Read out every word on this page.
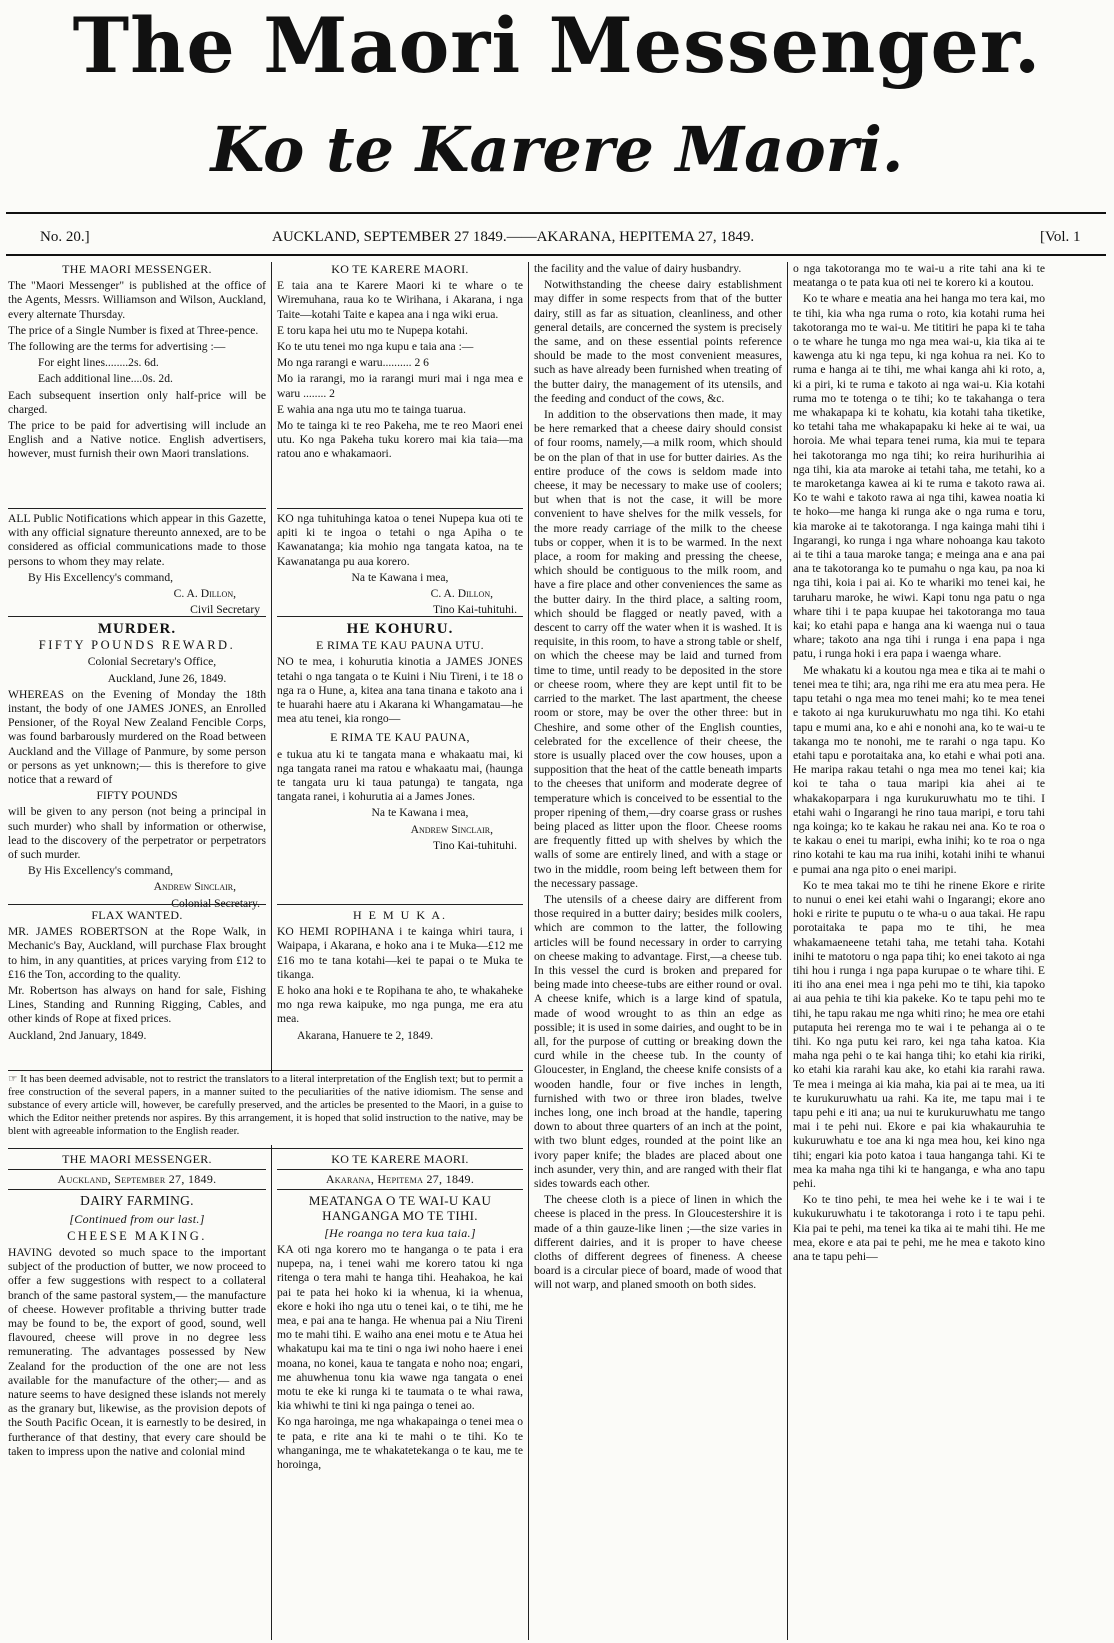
The Maori Messenger.
Ko te Karere Maori.
No. 20.]	AUCKLAND, SEPTEMBER 27 1849.——AKARANA, HEPITEMA 27, 1849.	[Vol. 1
THE MAORI MESSENGER.

The "Maori Messenger" is published at the office of the Agents, Messrs. Williamson and Wilson, Auckland, every alternate Thursday.

The price of a Single Number is fixed at Three-pence.

The following are the terms for advertising :—

For eight lines........2s. 6d.

Each additional line....0s. 2d.

Each subsequent insertion only half-price will be charged.

The price to be paid for advertising will include an English and a Native notice. English advertisers, however, must furnish their own Maori translations.

ALL Public Notifications which appear in this Gazette, with any official signature thereunto annexed, are to be considered as official communications made to those persons to whom they may relate.

By His Excellency's command,

C. A. Dillon,

Civil Secretary

MURDER.
FIFTY POUNDS REWARD.

Colonial Secretary's Office,

Auckland, June 26, 1849.

WHEREAS on the Evening of Monday the 18th instant, the body of one JAMES JONES, an Enrolled Pensioner, of the Royal New Zealand Fencible Corps, was found barbarously murdered on the Road between Auckland and the Village of Panmure, by some person or persons as yet unknown;— this is therefore to give notice that a reward of

FIFTY POUNDS

will be given to any person (not being a principal in such murder) who shall by information or otherwise, lead to the discovery of the perpetrator or perpetrators of such murder.

By His Excellency's command,

Andrew Sinclair,

Colonial Secretary.

FLAX WANTED.

MR. JAMES ROBERTSON at the Rope Walk, in Mechanic's Bay, Auckland, will purchase Flax brought to him, in any quantities, at prices varying from £12 to £16 the Ton, according to the quality.

Mr. Robertson has always on hand for sale, Fishing Lines, Standing and Running Rigging, Cables, and other kinds of Rope at fixed prices.

Auckland, 2nd January, 1849.

KO TE KARERE MAORI.

E taia ana te Karere Maori ki te whare o te Wiremuhana, raua ko te Wirihana, i Akarana, i nga Taite—kotahi Taite e kapea ana i nga wiki erua.

E toru kapa hei utu mo te Nupepa kotahi.

Ko te utu tenei mo nga kupu e taia ana :—

Mo nga rarangi e waru.......... 2 6

Mo ia rarangi, mo ia rarangi muri mai i nga mea e waru ........ 2

E wahia ana nga utu mo te tainga tuarua.

Mo te tainga ki te reo Pakeha, me te reo Maori enei utu. Ko nga Pakeha tuku korero mai kia taia—ma ratou ano e whakamaori.

KO nga tuhituhinga katoa o tenei Nupepa kua oti te apiti ki te ingoa o tetahi o nga Apiha o te Kawanatanga; kia mohio nga tangata katoa, na te Kawanatanga pu aua korero.

Na te Kawana i mea,

C. A. Dillon,

Tino Kai-tuhituhi.

HE KOHURU.
E RIMA TE KAU PAUNA UTU.

NO te mea, i kohurutia kinotia a JAMES JONES tetahi o nga tangata o te Kuini i Niu Tireni, i te 18 o nga ra o Hune, a, kitea ana tana tinana e takoto ana i te huarahi haere atu i Akarana ki Whangamatau—he mea atu tenei, kia rongo—

E RIMA TE KAU PAUNA,

e tukua atu ki te tangata mana e whakaatu mai, ki nga tangata ranei ma ratou e whakaatu mai, (haunga te tangata uru ki taua patunga) te tangata, nga tangata ranei, i kohurutia ai a James Jones.

Na te Kawana i mea,

Andrew Sinclair,

Tino Kai-tuhituhi.

H E M U K A.

KO HEMI ROPIHANA i te kainga whiri taura, i Waipapa, i Akarana, e hoko ana i te Muka—£12 me £16 mo te tana kotahi—kei te papai o te Muka te tikanga.

E hoko ana hoki e te Ropihana te aho, te whakaheke mo nga rewa kaipuke, mo nga punga, me era atu mea.

Akarana, Hanuere te 2, 1849.

☞ It has been deemed advisable, not to restrict the translators to a literal interpretation of the English text; but to permit a free construction of the several papers, in a manner suited to the peculiarities of the native idiomism. The sense and substance of every article will, however, be carefully preserved, and the articles be presented to the Maori, in a guise to which the Editor neither pretends nor aspires. By this arrangement, it is hoped that solid instruction to the native, may be blent with agreeable information to the English reader.

THE MAORI MESSENGER.
Auckland, September 27, 1849.
DAIRY FARMING.
[Continued from our last.]
CHEESE MAKING.

HAVING devoted so much space to the important subject of the production of butter, we now proceed to offer a few suggestions with respect to a collateral branch of the same pastoral system,— the manufacture of cheese. However profitable a thriving butter trade may be found to be, the export of good, sound, well flavoured, cheese will prove in no degree less remunerating. The advantages possessed by New Zealand for the production of the one are not less available for the manufacture of the other;— and as nature seems to have designed these islands not merely as the granary but, likewise, as the provision depots of the South Pacific Ocean, it is earnestly to be desired, in furtherance of that destiny, that every care should be taken to impress upon the native and colonial mind

KO TE KARERE MAORI.
Akarana, Hepitema 27, 1849.
MEATANGA O TE WAI-U KAU HANGANGA MO TE TIHI.
[He roanga no tera kua taia.]

KA oti nga korero mo te hanganga o te pata i era nupepa, na, i tenei wahi me korero tatou ki nga ritenga o tera mahi te hanga tihi. Heahakoa, he kai pai te pata hei hoko ki ia whenua, ki ia whenua, ekore e hoki iho nga utu o tenei kai, o te tihi, me he mea, e pai ana te hanga. He whenua pai a Niu Tireni mo te mahi tihi. E waiho ana enei motu e te Atua hei whakatupu kai ma te tini o nga iwi noho haere i enei moana, no konei, kaua te tangata e noho noa; engari, me ahuwhenua tonu kia wawe nga tangata o enei motu te eke ki runga ki te taumata o te whai rawa, kia whiwhi te tini ki nga painga o tenei ao.

Ko nga haroinga, me nga whakapainga o tenei mea o te pata, e rite ana ki te mahi o te tihi. Ko te whanganinga, me te whakatetekanga o te kau, me te horoinga,

the facility and the value of dairy husbandry.

Notwithstanding the cheese dairy establishment may differ in some respects from that of the butter dairy, still as far as situation, cleanliness, and other general details, are concerned the system is precisely the same, and on these essential points reference should be made to the most convenient measures, such as have already been furnished when treating of the butter dairy, the management of its utensils, and the feeding and conduct of the cows, &c.

In addition to the observations then made, it may be here remarked that a cheese dairy should consist of four rooms, namely,—a milk room, which should be on the plan of that in use for butter dairies. As the entire produce of the cows is seldom made into cheese, it may be necessary to make use of coolers; but when that is not the case, it will be more convenient to have shelves for the milk vessels, for the more ready carriage of the milk to the cheese tubs or copper, when it is to be warmed. In the next place, a room for making and pressing the cheese, which should be contiguous to the milk room, and have a fire place and other conveniences the same as the butter dairy. In the third place, a salting room, which should be flagged or neatly paved, with a descent to carry off the water when it is washed. It is requisite, in this room, to have a strong table or shelf, on which the cheese may be laid and turned from time to time, until ready to be deposited in the store or cheese room, where they are kept until fit to be carried to the market. The last apartment, the cheese room or store, may be over the other three: but in Cheshire, and some other of the English counties, celebrated for the excellence of their cheese, the store is usually placed over the cow houses, upon a supposition that the heat of the cattle beneath imparts to the cheeses that uniform and moderate degree of temperature which is conceived to be essential to the proper ripening of them,—dry coarse grass or rushes being placed as litter upon the floor. Cheese rooms are frequently fitted up with shelves by which the walls of some are entirely lined, and with a stage or two in the middle, room being left between them for the necessary passage.

The utensils of a cheese dairy are different from those required in a butter dairy; besides milk coolers, which are common to the latter, the following articles will be found necessary in order to carrying on cheese making to advantage. First,—a cheese tub. In this vessel the curd is broken and prepared for being made into cheese-tubs are either round or oval. A cheese knife, which is a large kind of spatula, made of wood wrought to as thin an edge as possible; it is used in some dairies, and ought to be in all, for the purpose of cutting or breaking down the curd while in the cheese tub. In the county of Gloucester, in England, the cheese knife consists of a wooden handle, four or five inches in length, furnished with two or three iron blades, twelve inches long, one inch broad at the handle, tapering down to about three quarters of an inch at the point, with two blunt edges, rounded at the point like an ivory paper knife; the blades are placed about one inch asunder, very thin, and are ranged with their flat sides towards each other.

The cheese cloth is a piece of linen in which the cheese is placed in the press. In Gloucestershire it is made of a thin gauze-like linen ;—the size varies in different dairies, and it is proper to have cheese cloths of different degrees of fineness. A cheese board is a circular piece of board, made of wood that will not warp, and planed smooth on both sides.

o nga takotoranga mo te wai-u a rite tahi ana ki te meatanga o te pata kua oti nei te korero ki a koutou.

Ko te whare e meatia ana hei hanga mo tera kai, mo te tihi, kia wha nga ruma o roto, kia kotahi ruma hei takotoranga mo te wai-u. Me tititiri he papa ki te taha o te whare he tunga mo nga mea wai-u, kia tika ai te kawenga atu ki nga tepu, ki nga kohua ra nei. Ko to ruma e hanga ai te tihi, me whai kanga ahi ki roto, a, ki a piri, ki te ruma e takoto ai nga wai-u. Kia kotahi ruma mo te totenga o te tihi; ko te takahanga o tera me whakapapa ki te kohatu, kia kotahi taha tiketike, ko tetahi taha me whakapapaku ki heke ai te wai, ua horoia. Me whai tepara tenei ruma, kia mui te tepara hei takotoranga mo nga tihi; ko reira hurihurihia ai nga tihi, kia ata maroke ai tetahi taha, me tetahi, ko a te maroketanga kawea ai ki te ruma e takoto rawa ai. Ko te wahi e takoto rawa ai nga tihi, kawea noatia ki te hoko—me hanga ki runga ake o nga ruma e toru, kia maroke ai te takotoranga. I nga kainga mahi tihi i Ingarangi, ko runga i nga whare nohoanga kau takoto ai te tihi a taua maroke tanga; e meinga ana e ana pai ana te takotoranga ko te pumahu o nga kau, pa noa ki nga tihi, koia i pai ai. Ko te whariki mo tenei kai, he taruharu maroke, he wiwi. Kapi tonu nga patu o nga whare tihi i te papa kuupae hei takotoranga mo taua kai; ko etahi papa e hanga ana ki waenga nui o taua whare; takoto ana nga tihi i runga i ena papa i nga patu, i runga hoki i era papa i waenga whare.

Me whakatu ki a koutou nga mea e tika ai te mahi o tenei mea te tihi; ara, nga rihi me era atu mea pera. He tapu tetahi o nga mea mo tenei mahi; ko te mea tenei e takoto ai nga kurukuruwhatu mo nga tihi. Ko etahi tapu e mumi ana, ko e ahi e nonohi ana, ko te wai-u te takanga mo te nonohi, me te rarahi o nga tapu. Ko etahi tapu e porotaitaka ana, ko etahi e whai poti ana. He maripa rakau tetahi o nga mea mo tenei kai; kia koi te taha o taua maripi kia ahei ai te whakakoparpara i nga kurukuruwhatu mo te tihi. I etahi wahi o Ingarangi he rino taua maripi, e toru tahi nga koinga; ko te kakau he rakau nei ana. Ko te roa o te kakau o enei tu maripi, ewha inihi; ko te roa o nga rino kotahi te kau ma rua inihi, kotahi inihi te whanui e pumai ana nga pito o enei maripi.

Ko te mea takai mo te tihi he rinene Ekore e ririte to nunui o enei kei etahi wahi o Ingarangi; ekore ano hoki e ririte te puputu o te wha-u o aua takai. He rapu porotaitaka te papa mo te tihi, he mea whakamaeneene tetahi taha, me tetahi taha. Kotahi inihi te matotoru o nga papa tihi; ko enei takoto ai nga tihi hou i runga i nga papa kurupae o te whare tihi. E iti iho ana enei mea i nga pehi mo te tihi, kia tapoko ai aua pehia te tihi kia pakeke. Ko te tapu pehi mo te tihi, he tapu rakau me nga whiti rino; he mea ore etahi putaputa hei rerenga mo te wai i te pehanga ai o te tihi. Ko nga putu kei raro, kei nga taha katoa. Kia maha nga pehi o te kai hanga tihi; ko etahi kia ririki, ko etahi kia rarahi kau ake, ko etahi kia rarahi rawa. Te mea i meinga ai kia maha, kia pai ai te mea, ua iti te kurukuruwhatu ua rahi. Ka ite, me tapu mai i te tapu pehi e iti ana; ua nui te kurukuruwhatu me tango mai i te pehi nui. Ekore e pai kia whakauruhia te kukuruwhatu e toe ana ki nga mea hou, kei kino nga tihi; engari kia poto katoa i taua hanganga tahi. Ki te mea ka maha nga tihi ki te hanganga, e wha ano tapu pehi.

Ko te tino pehi, te mea hei wehe ke i te wai i te kukukuruwhatu i te takotoranga i roto i te tapu pehi. Kia pai te pehi, ma tenei ka tika ai te mahi tihi. He me mea, ekore e ata pai te pehi, me he mea e takoto kino ana te tapu pehi—
